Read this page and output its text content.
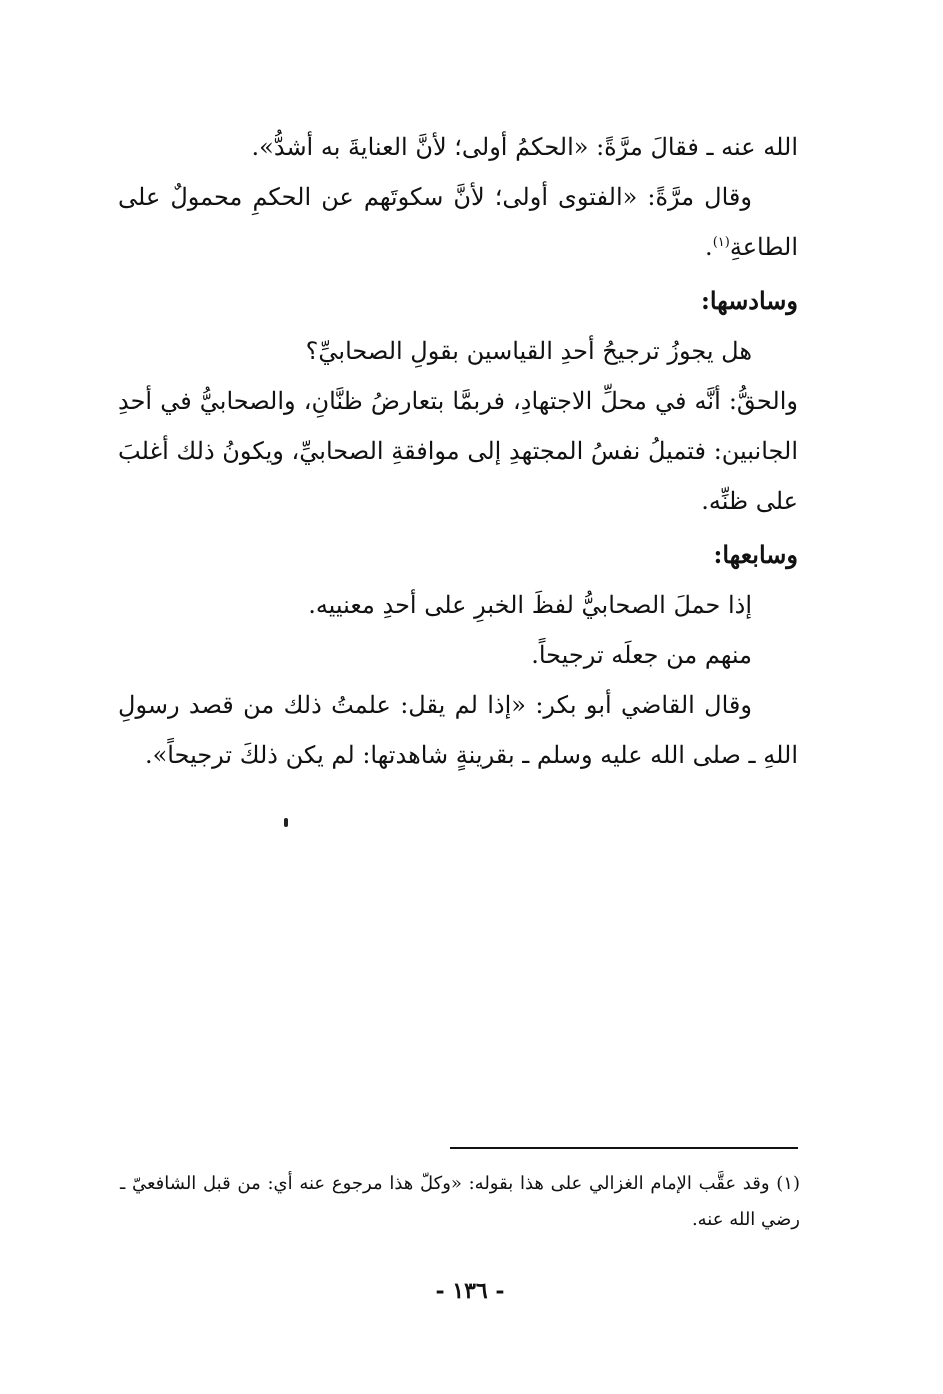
الله عنه ـ فقالَ مرَّةً: «الحكمُ أولى؛ لأنَّ العنايةَ به أشدُّ».

وقال مرَّةً: «الفتوى أولى؛ لأنَّ سكوتَهم عن الحكمِ محمولٌ على الطاعةِ$^{(١)}$.

وسادسها:

هل يجوزُ ترجيحُ أحدِ القياسين بقولِ الصحابيِّ؟

والحقُّ: أنَّه في محلِّ الاجتهادِ، فربمَّا بتعارضُ ظنَّانِ، والصحابيُّ في أحدِ الجانبين: فتميلُ نفسُ المجتهدِ إلى موافقةِ الصحابيِّ، ويكونُ ذلك أغلبَ على ظنِّه.

وسابعها:

إذا حملَ الصحابيُّ لفظَ الخبرِ على أحدِ معنييه.

منهم من جعلَه ترجيحاً.

وقال القاضي أبو بكر: «إذا لم يقل: علمتُ ذلك من قصد رسولِ اللهِ ـ صلى الله عليه وسلم ـ بقرينةٍ شاهدتها: لم يكن ذلكَ ترجيحاً».

(١) وقد عقَّب الإمام الغزالي على هذا بقوله: «وكلّ هذا مرجوع عنه أي: من قبل الشافعيّ ـ رضي الله عنه.

- ١٣٦ -
